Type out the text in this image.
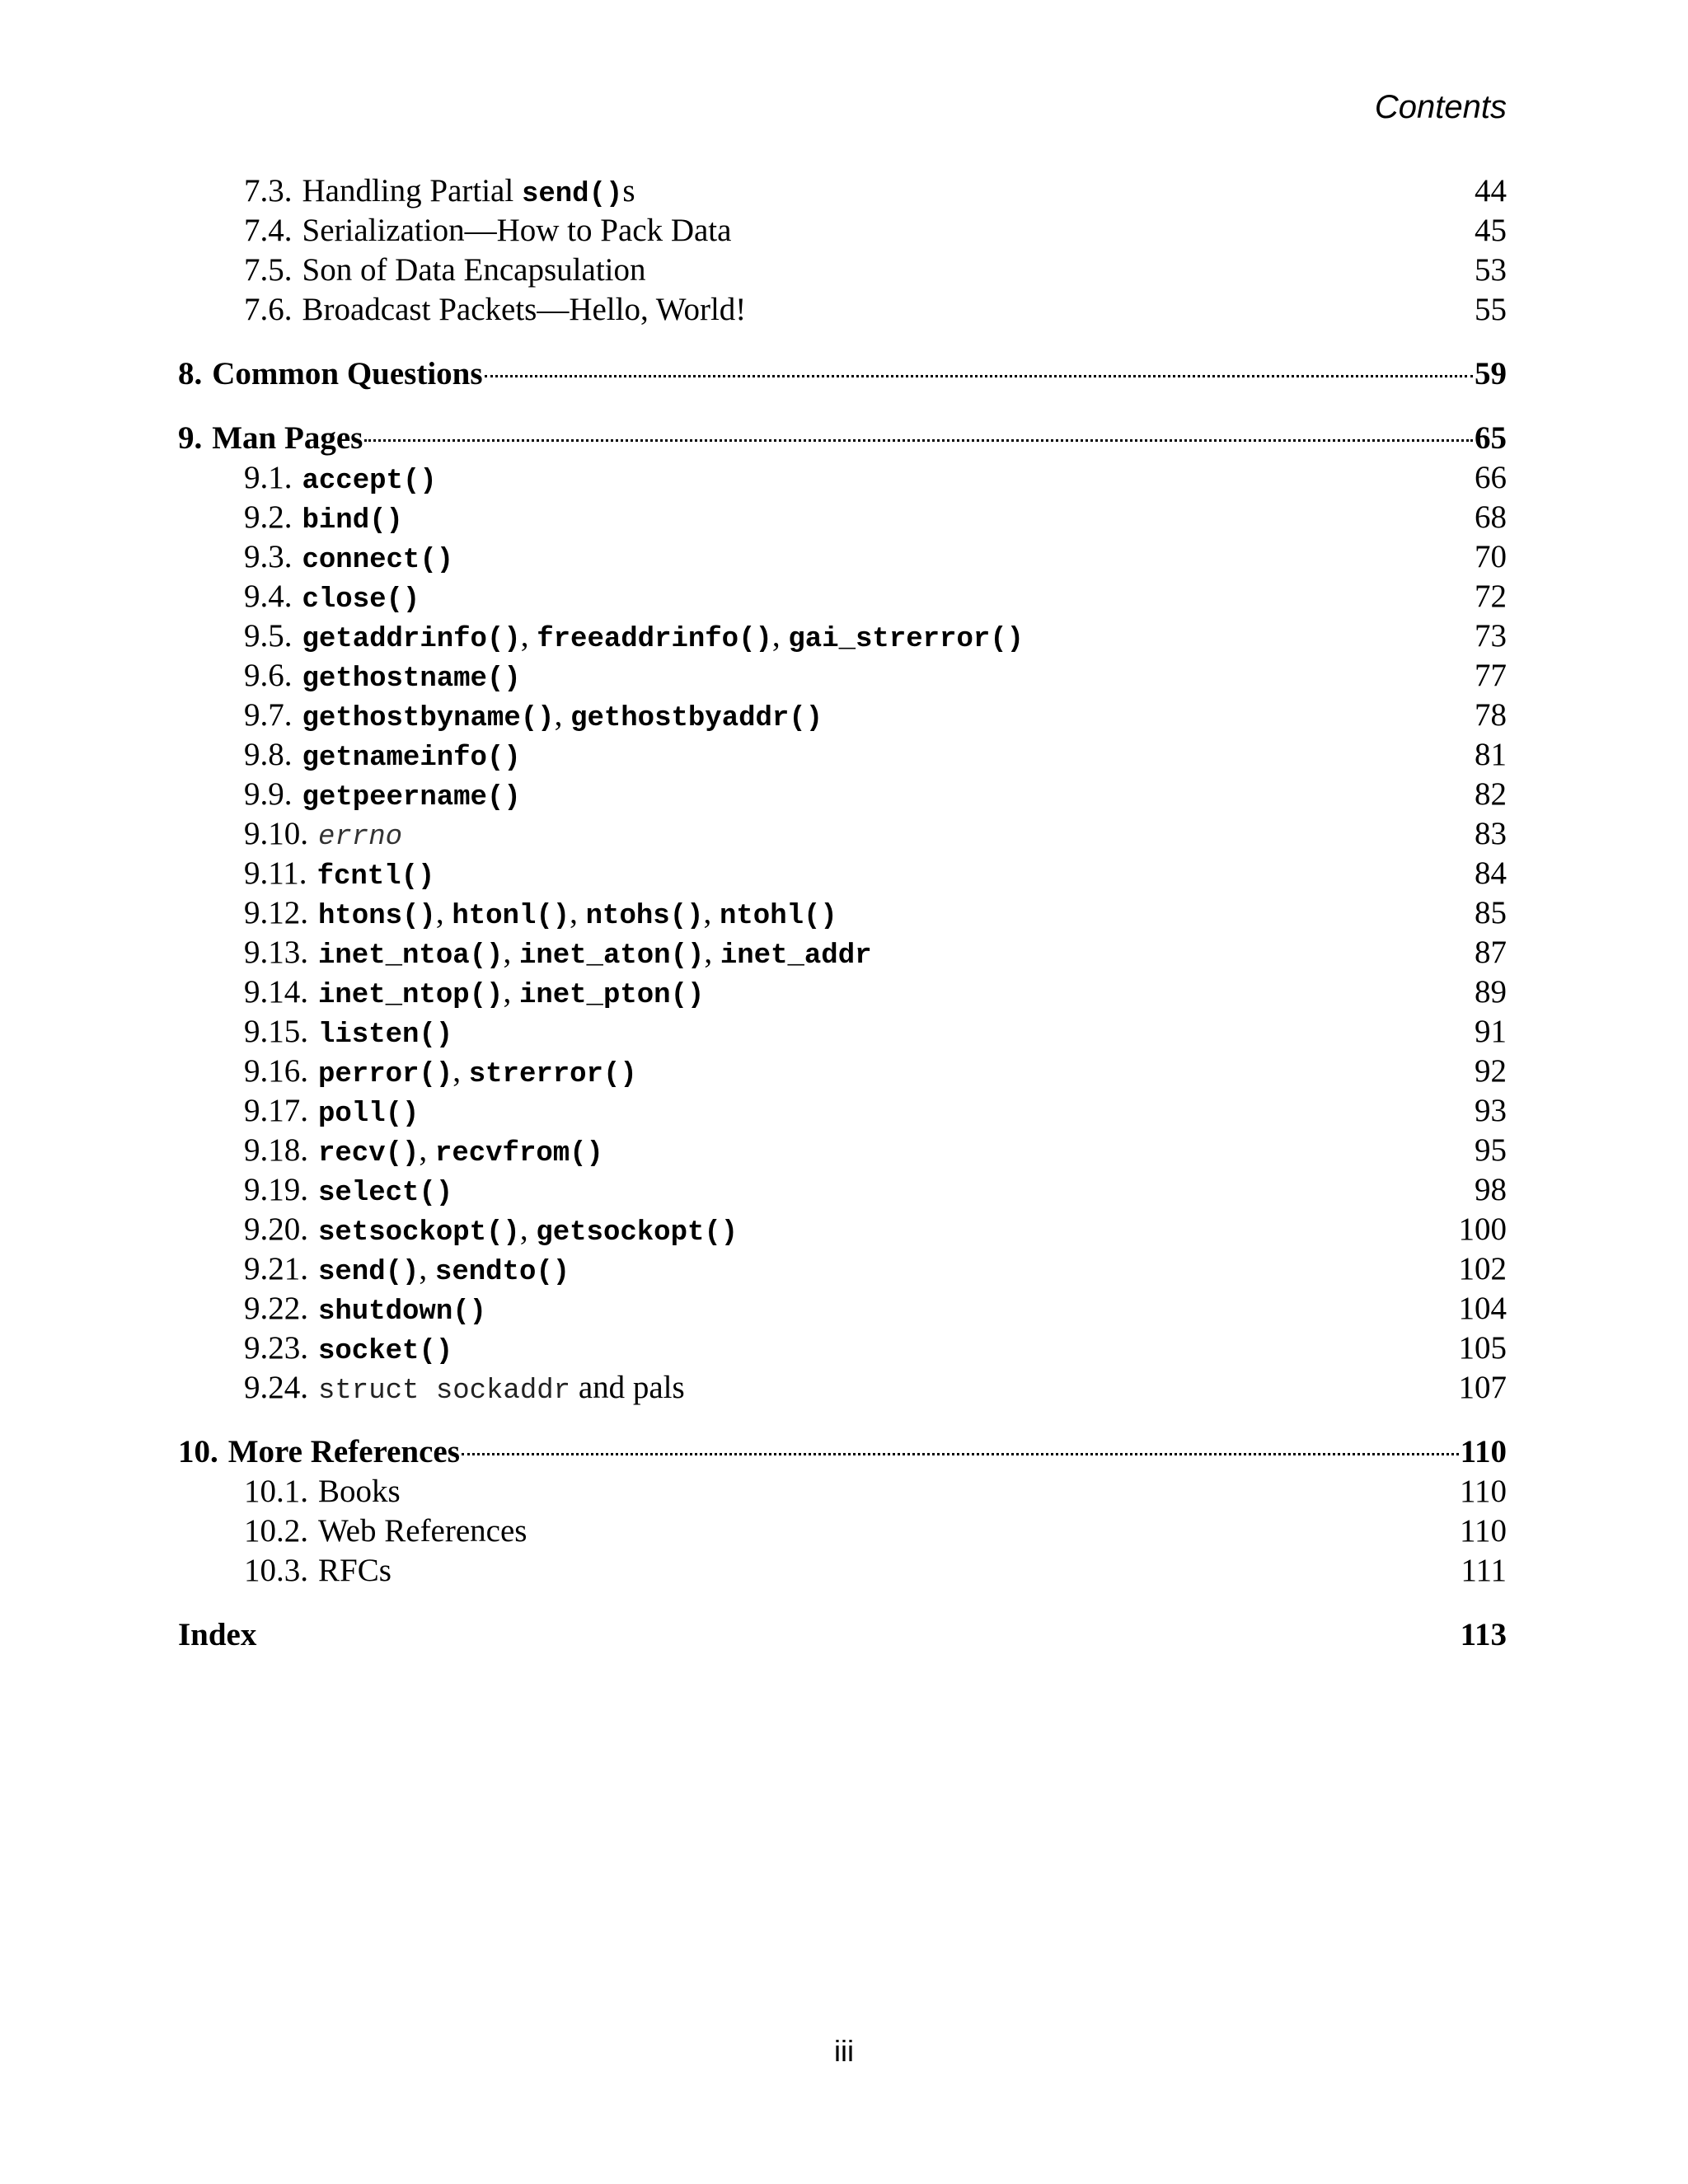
Contents
7.3. Handling Partial send()s	44
7.4. Serialization—How to Pack Data	45
7.5. Son of Data Encapsulation	53
7.6. Broadcast Packets—Hello, World!	55
8. Common Questions	59
9. Man Pages	65
9.1. accept()	66
9.2. bind()	68
9.3. connect()	70
9.4. close()	72
9.5. getaddrinfo(), freeaddrinfo(), gai_strerror()	73
9.6. gethostname()	77
9.7. gethostbyname(), gethostbyaddr()	78
9.8. getnameinfo()	81
9.9. getpeername()	82
9.10. errno	83
9.11. fcntl()	84
9.12. htons(), htonl(), ntohs(), ntohl()	85
9.13. inet_ntoa(), inet_aton(), inet_addr	87
9.14. inet_ntop(), inet_pton()	89
9.15. listen()	91
9.16. perror(), strerror()	92
9.17. poll()	93
9.18. recv(), recvfrom()	95
9.19. select()	98
9.20. setsockopt(), getsockopt()	100
9.21. send(), sendto()	102
9.22. shutdown()	104
9.23. socket()	105
9.24. struct sockaddr and pals	107
10. More References	110
10.1. Books	110
10.2. Web References	110
10.3. RFCs	111
Index	113
iii
